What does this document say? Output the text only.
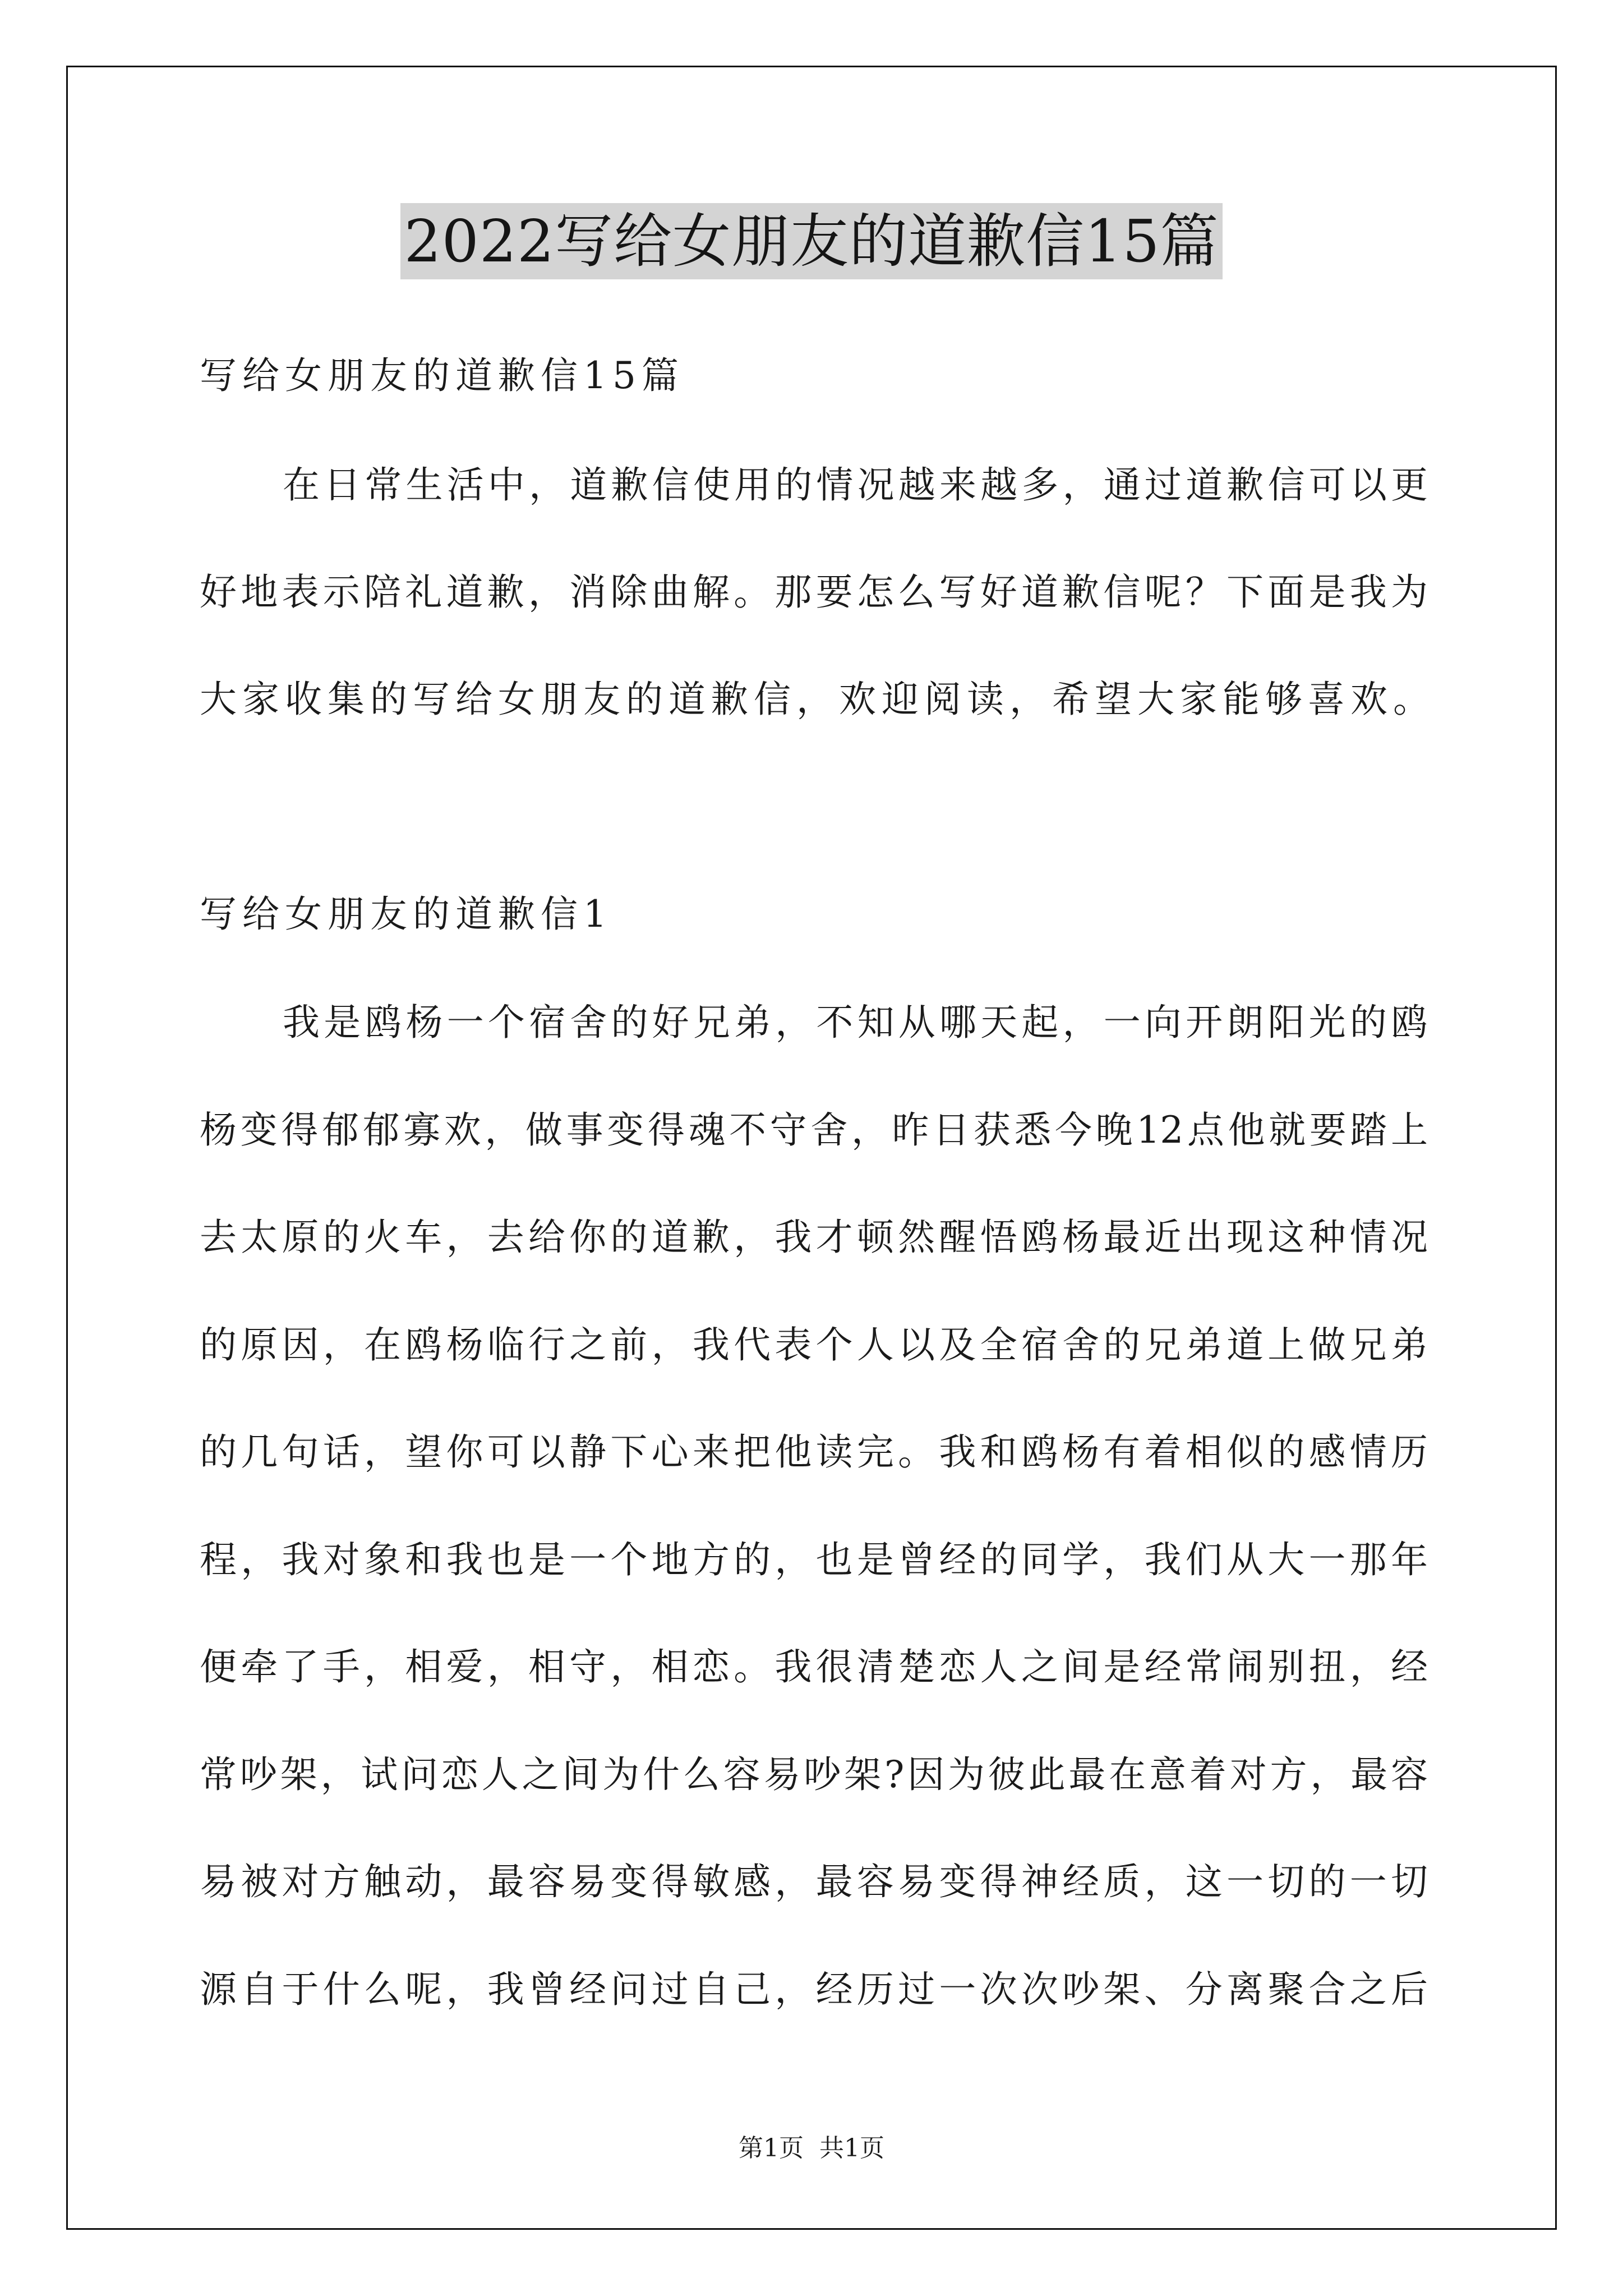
2022写给女朋友的道歉信15篇
写给女朋友的道歉信15篇
在日常生活中，道歉信使用的情况越来越多，通过道歉信可以更
好地表示陪礼道歉，消除曲解。那要怎么写好道歉信呢？下面是我为
大家收集的写给女朋友的道歉信，欢迎阅读，希望大家能够喜欢。
写给女朋友的道歉信1
我是鸥杨一个宿舍的好兄弟，不知从哪天起，一向开朗阳光的鸥
杨变得郁郁寡欢，做事变得魂不守舍，昨日获悉今晚12点他就要踏上
去太原的火车，去给你的道歉，我才顿然醒悟鸥杨最近出现这种情况
的原因，在鸥杨临行之前，我代表个人以及全宿舍的兄弟道上做兄弟
的几句话，望你可以静下心来把他读完。我和鸥杨有着相似的感情历
程，我对象和我也是一个地方的，也是曾经的同学，我们从大一那年
便牵了手，相爱，相守，相恋。我很清楚恋人之间是经常闹别扭，经
常吵架，试问恋人之间为什么容易吵架?因为彼此最在意着对方，最容
易被对方触动，最容易变得敏感，最容易变得神经质，这一切的一切
源自于什么呢，我曾经问过自己，经历过一次次吵架、分离聚合之后
第1页 共1页
